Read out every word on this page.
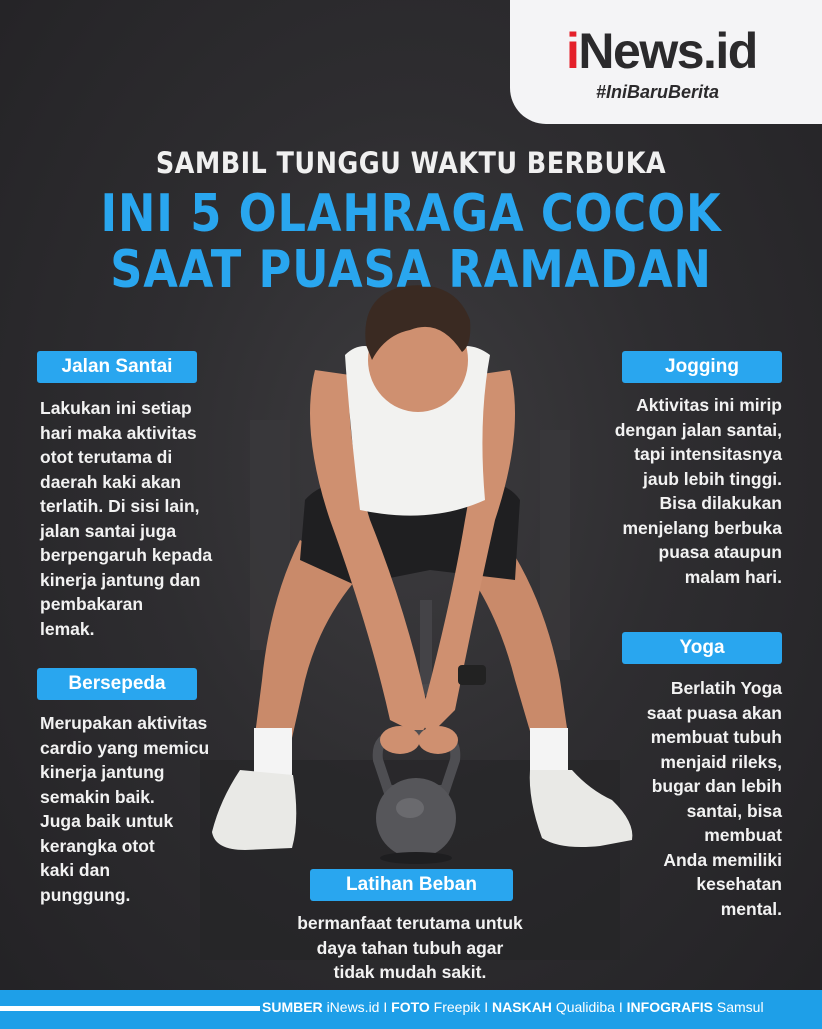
iNews.id
#IniBaruBerita
SAMBIL TUNGGU WAKTU BERBUKA
INI 5 OLAHRAGA COCOK
SAAT PUASA RAMADAN
Jalan Santai
Lakukan ini setiap
hari maka aktivitas
otot terutama di
daerah kaki akan
terlatih. Di sisi lain,
jalan santai juga
berpengaruh kepada
kinerja jantung dan
pembakaran
lemak.
Bersepeda
Merupakan aktivitas
cardio yang memicu
kinerja jantung
semakin baik.
Juga baik untuk
kerangka otot
kaki dan
punggung.
Jogging
Aktivitas ini mirip
dengan jalan santai,
tapi intensitasnya
jaub lebih tinggi.
Bisa dilakukan
menjelang berbuka
puasa ataupun
malam hari.
Yoga
Berlatih Yoga
saat puasa akan
membuat tubuh
menjaid rileks,
bugar dan lebih
santai, bisa
membuat
Anda memiliki
kesehatan
mental.
Latihan Beban
bermanfaat terutama untuk
daya tahan tubuh agar
tidak mudah sakit.
SUMBER iNews.id I FOTO Freepik I NASKAH Qualidiba I INFOGRAFIS Samsul
